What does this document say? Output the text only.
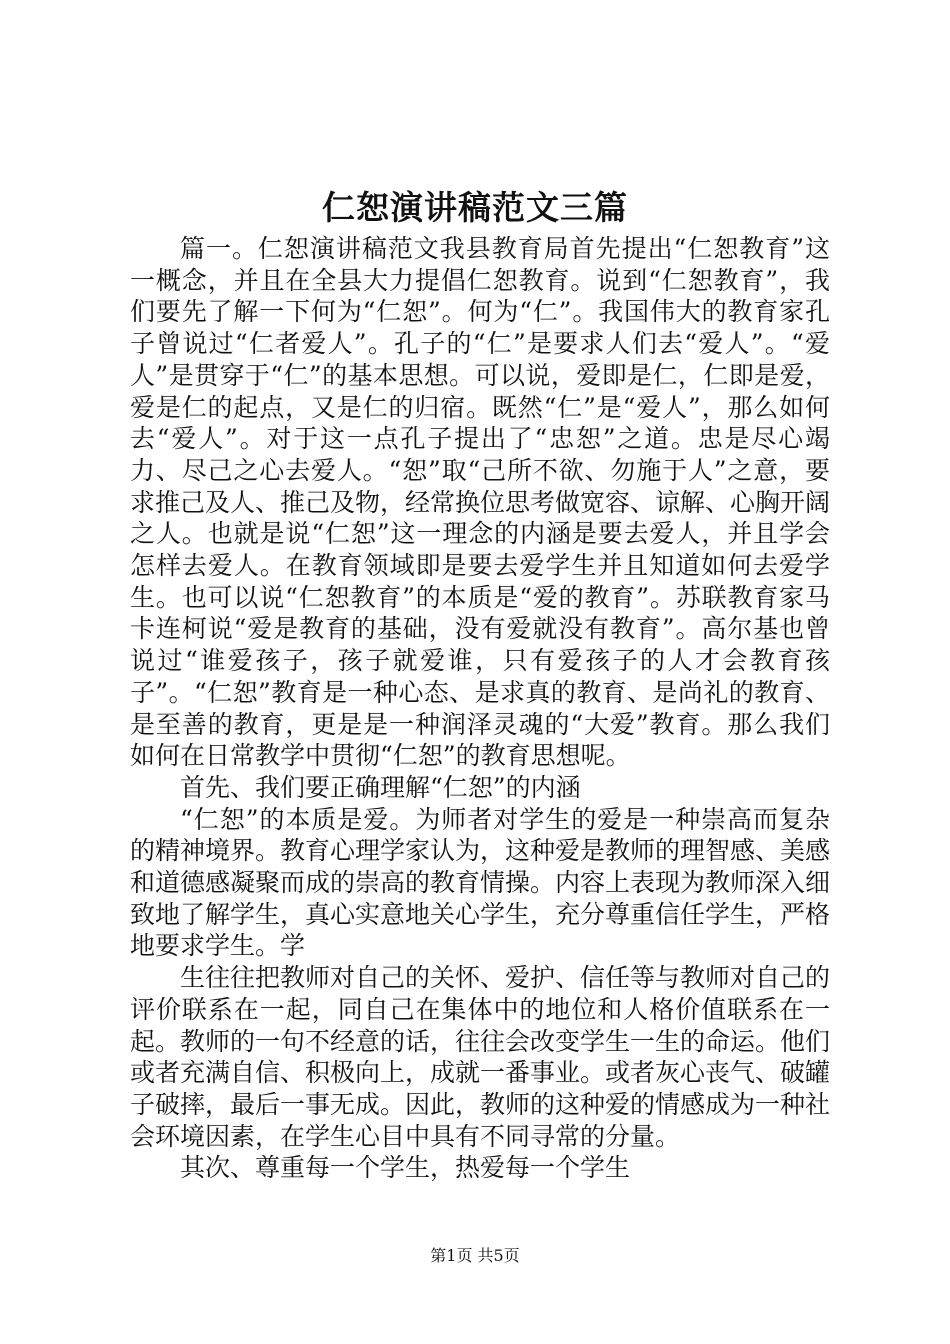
仁恕演讲稿范文三篇

篇一。仁恕演讲稿范文我县教育局首先提出“仁恕教育”这一概念，并且在全县大力提倡仁恕教育。说到“仁恕教育”，我们要先了解一下何为“仁恕”。何为“仁”。我国伟大的教育家孔子曾说过“仁者爱人”。孔子的“仁”是要求人们去“爱人”。“爱人”是贯穿于“仁”的基本思想。可以说，爱即是仁，仁即是爱，爱是仁的起点，又是仁的归宿。既然“仁”是“爱人”，那么如何去“爱人”。对于这一点孔子提出了“忠恕”之道。忠是尽心竭力、尽己之心去爱人。“恕”取“己所不欲、勿施于人”之意，要求推己及人、推己及物，经常换位思考做宽容、谅解、心胸开阔之人。也就是说“仁恕”这一理念的内涵是要去爱人，并且学会怎样去爱人。在教育领域即是要去爱学生并且知道如何去爱学生。也可以说“仁恕教育”的本质是“爱的教育”。苏联教育家马卡连柯说“爱是教育的基础，没有爱就没有教育”。高尔基也曾说过“谁爱孩子，孩子就爱谁，只有爱孩子的人才会教育孩子”。“仁恕”教育是一种心态、是求真的教育、是尚礼的教育、是至善的教育，更是是一种润泽灵魂的“大爱”教育。那么我们如何在日常教学中贯彻“仁恕”的教育思想呢。

首先、我们要正确理解“仁恕”的内涵

“仁恕”的本质是爱。为师者对学生的爱是一种崇高而复杂的精神境界。教育心理学家认为，这种爱是教师的理智感、美感和道德感凝聚而成的崇高的教育情操。内容上表现为教师深入细致地了解学生，真心实意地关心学生，充分尊重信任学生，严格地要求学生。学

生往往把教师对自己的关怀、爱护、信任等与教师对自己的评价联系在一起，同自己在集体中的地位和人格价值联系在一起。教师的一句不经意的话，往往会改变学生一生的命运。他们或者充满自信、积极向上，成就一番事业。或者灰心丧气、破罐子破摔，最后一事无成。因此，教师的这种爱的情感成为一种社会环境因素，在学生心目中具有不同寻常的分量。

其次、尊重每一个学生，热爱每一个学生

第1页 共5页
